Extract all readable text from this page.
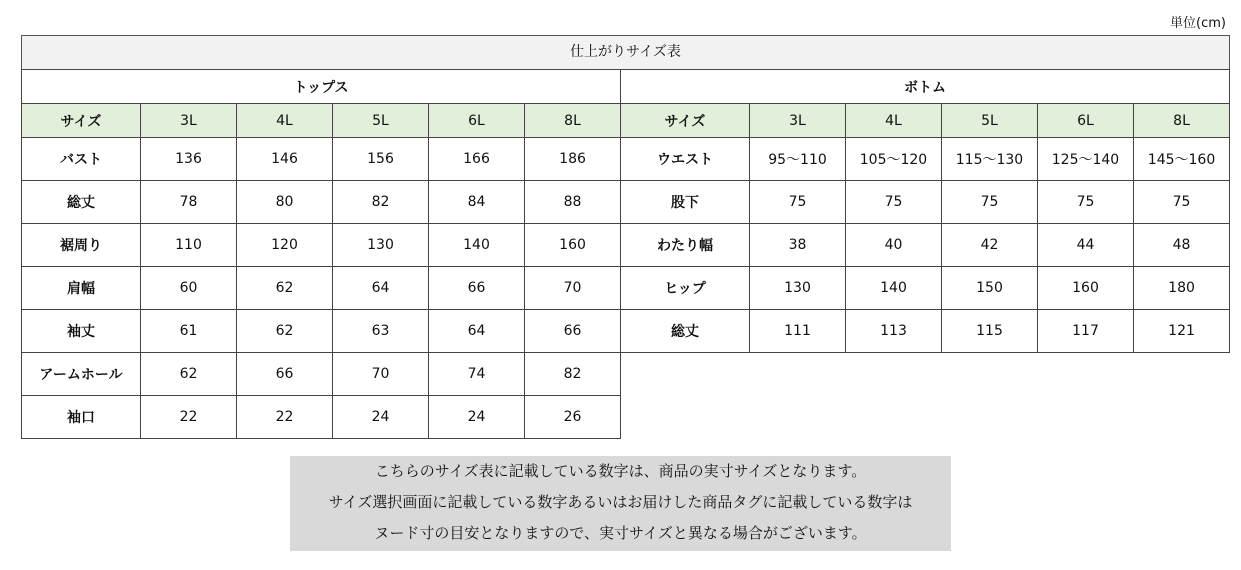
単位(cm)
仕上がりサイズ表
トップス					
サイズ	3L	4L	5L	6L	8L
バスト	136	146	156	166	186
総丈	78	80	82	84	88
裾周り	110	120	130	140	160
肩幅	60	62	64	66	70
袖丈	61	62	63	64	66
アームホール	62	66	70	74	82
袖口	22	22	24	24	26
ボトム					
サイズ	3L	4L	5L	6L	8L
ウエスト	95～110	105～120	115～130	125～140	145～160
股下	75	75	75	75	75
わたり幅	38	40	42	44	48
ヒップ	130	140	150	160	180
総丈	111	113	115	117	121
こちらのサイズ表に記載している数字は、商品の実寸サイズとなります。
サイズ選択画面に記載している数字あるいはお届けした商品タグに記載している数字は
ヌード寸の目安となりますので、実寸サイズと異なる場合がございます。
